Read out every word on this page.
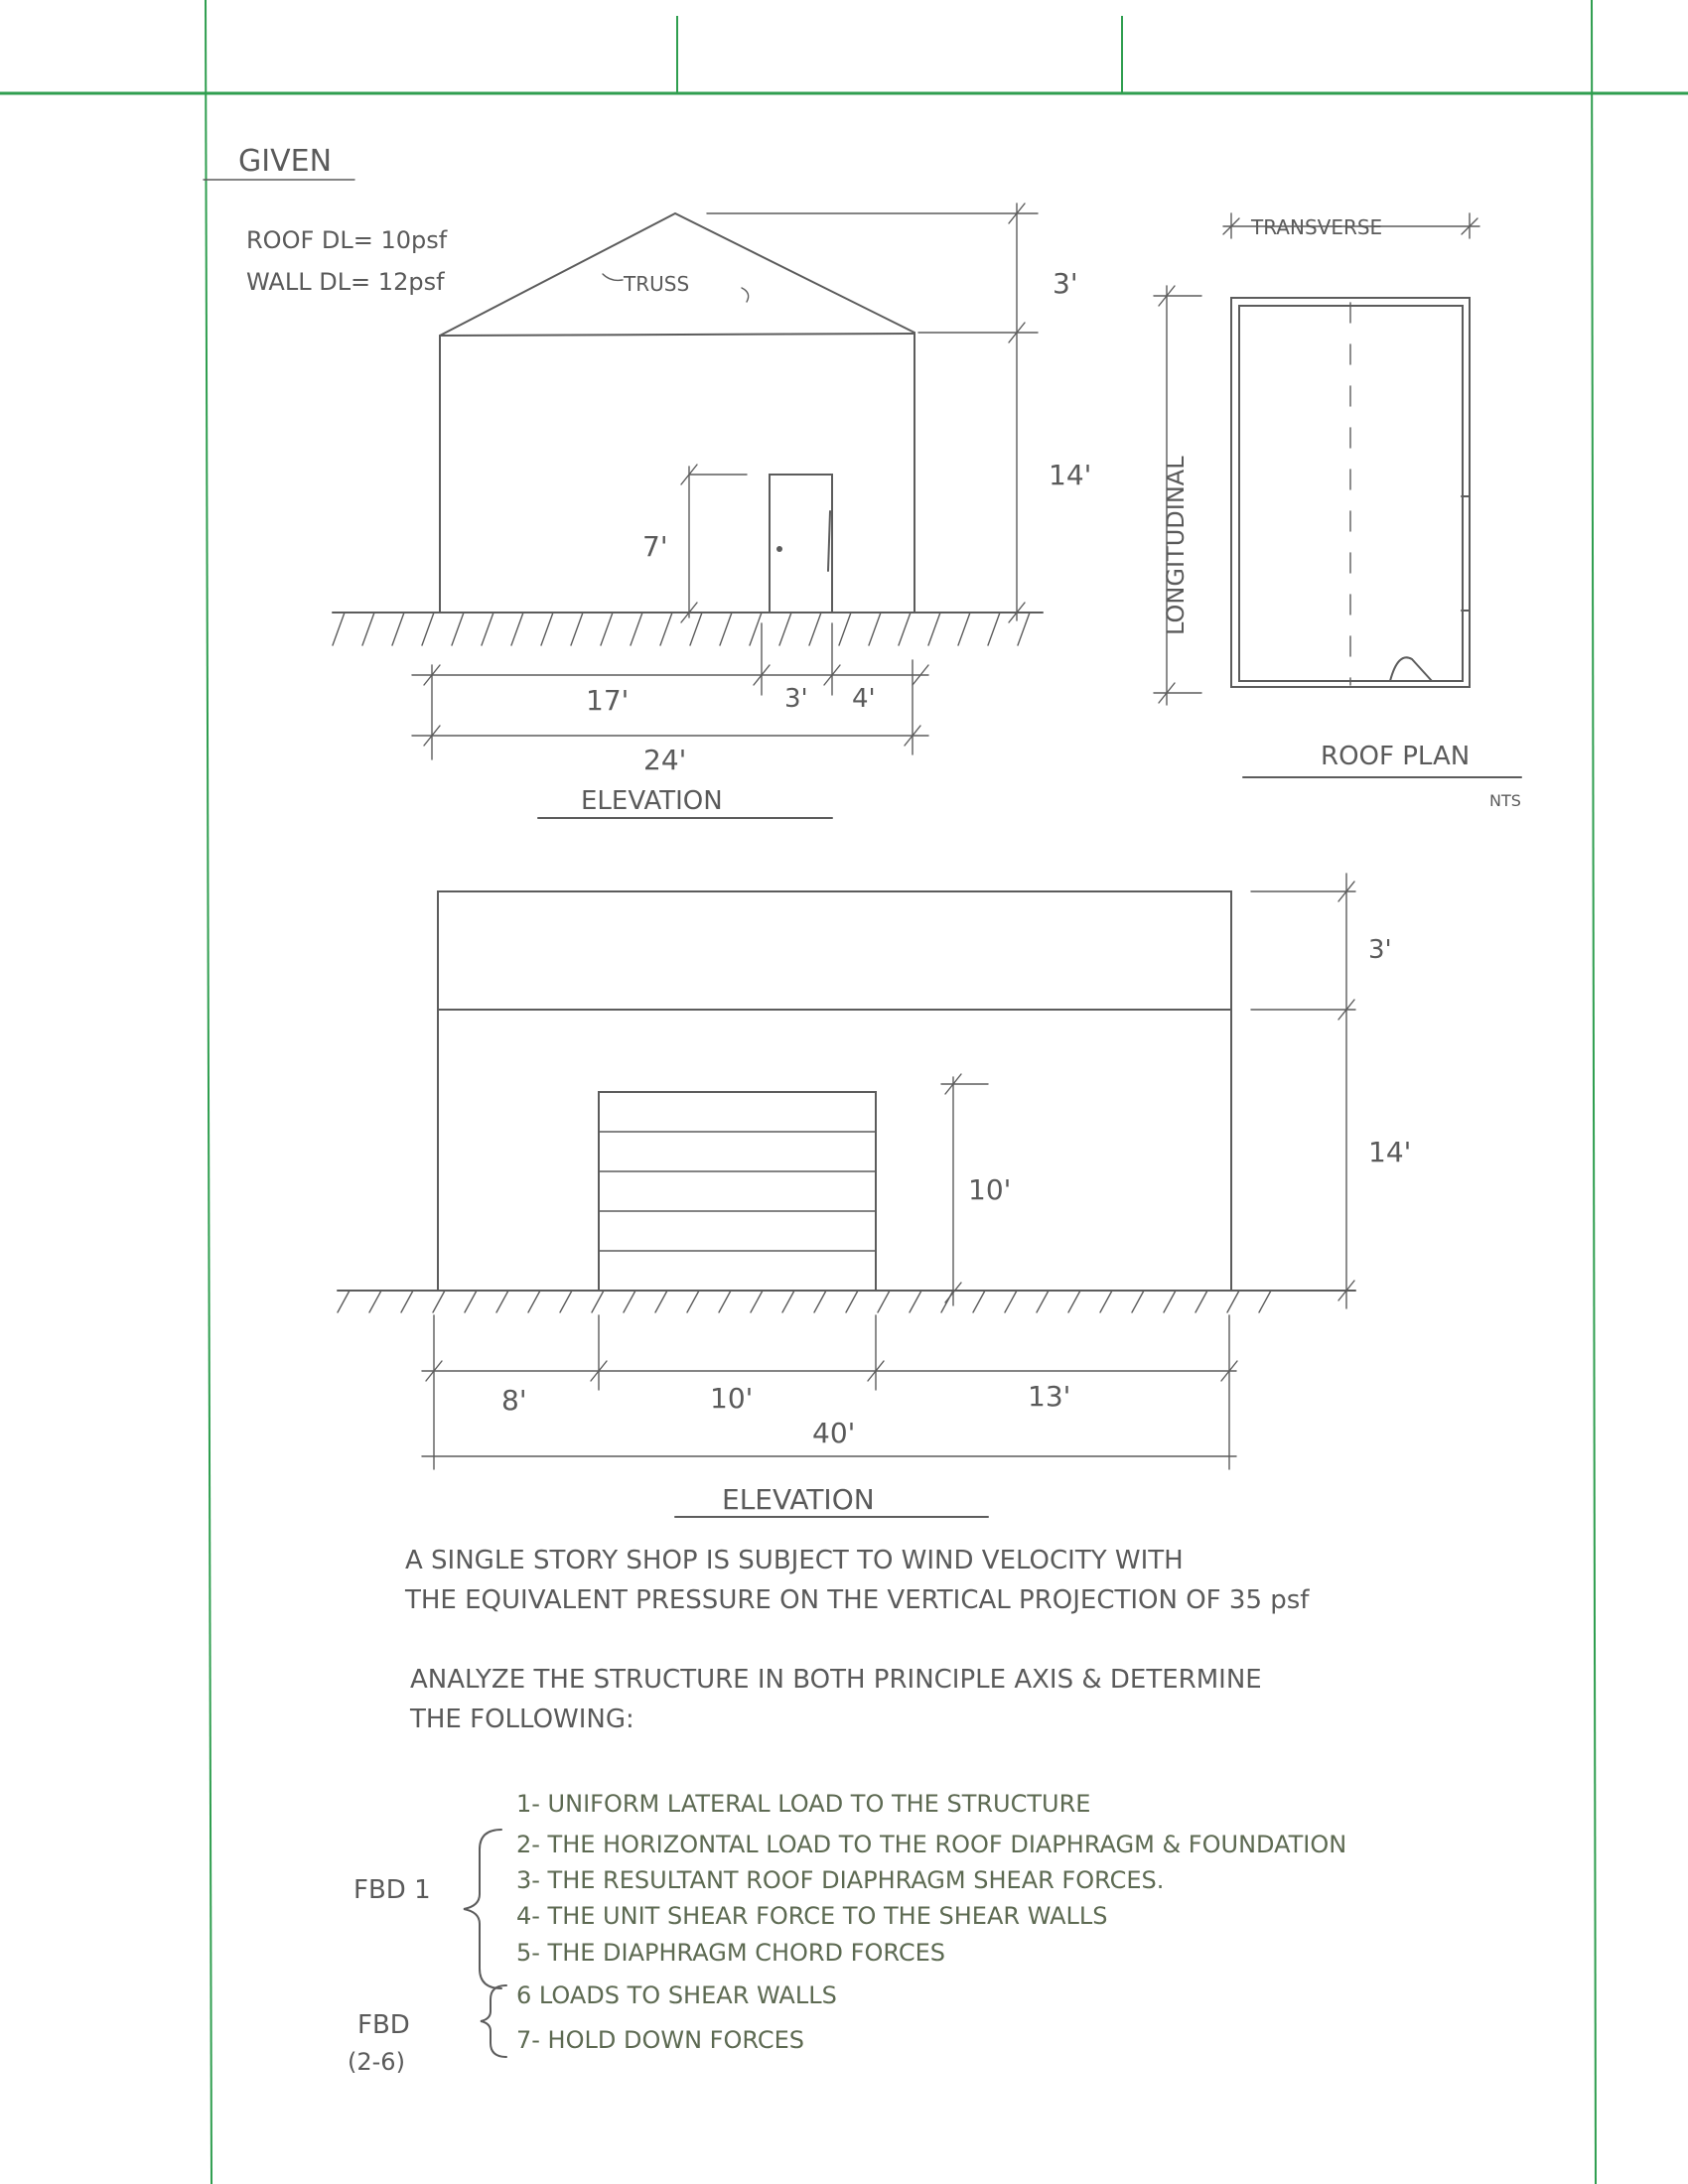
GIVEN
ROOF DL= 10psf
WALL DL= 12psf	TRUSS	3'
14'
7'
17'	3' 4'
24'
ELEVATION
TRANSVERSE
LONGITUDINAL
ROOF PLAN
NTS
3'
14'
10'
8'	10'	13'
40'
ELEVATION
A SINGLE STORY SHOP IS SUBJECT TO WIND VELOCITY WITH
THE EQUIVALENT PRESSURE ON THE VERTICAL PROJECTION OF 35 psf
ANALYZE THE STRUCTURE IN BOTH PRINCIPLE AXIS & DETERMINE
THE FOLLOWING:
1- UNIFORM LATERAL LOAD TO THE STRUCTURE
2- THE HORIZONTAL LOAD TO THE ROOF DIAPHRAGM & FOUNDATION
3- THE RESULTANT ROOF DIAPHRAGM SHEAR FORCES.
4- THE UNIT SHEAR FORCE TO THE SHEAR WALLS
5- THE DIAPHRAGM CHORD FORCES
6 LOADS TO SHEAR WALLS
7- HOLD DOWN FORCES
FBD 1
FBD
(2-6)
